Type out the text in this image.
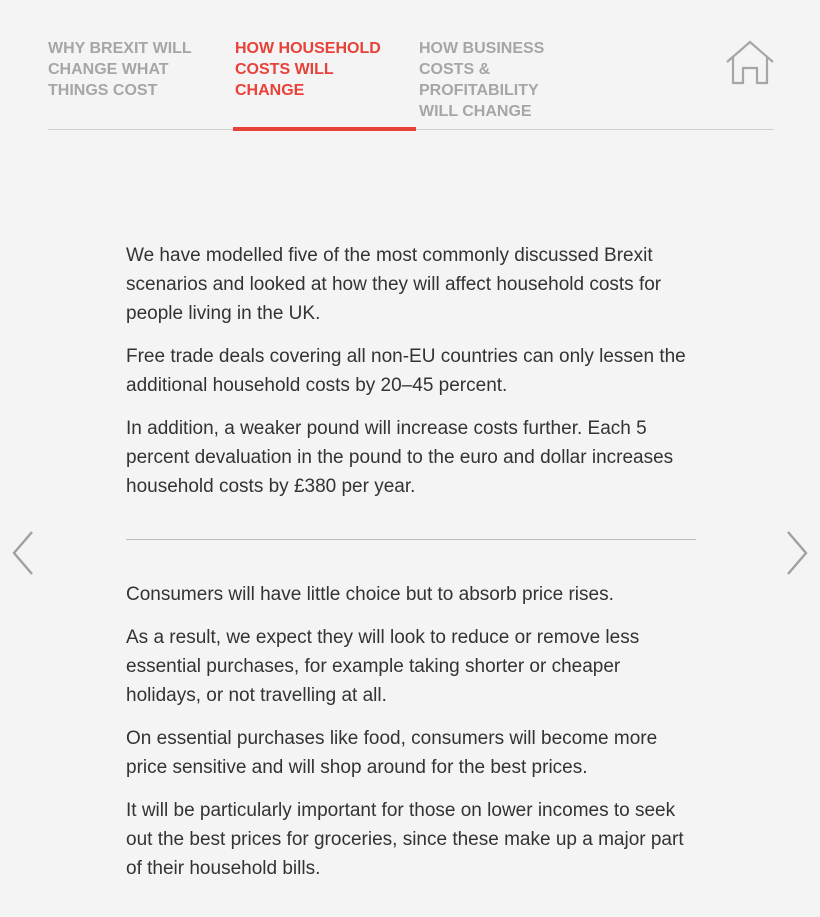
WHY BREXIT WILL
CHANGE WHAT
THINGS COST
HOW HOUSEHOLD
COSTS WILL
CHANGE
HOW BUSINESS
COSTS &
PROFITABILITY
WILL CHANGE

We have modelled five of the most commonly discussed Brexit scenarios and looked at how they will affect household costs for people living in the UK.

Free trade deals covering all non-EU countries can only lessen the additional household costs by 20–45 percent.

In addition, a weaker pound will increase costs further. Each 5 percent devaluation in the pound to the euro and dollar increases household costs by £380 per year.

Consumers will have little choice but to absorb price rises.

As a result, we expect they will look to reduce or remove less essential purchases, for example taking shorter or cheaper holidays, or not travelling at all.

On essential purchases like food, consumers will become more price sensitive and will shop around for the best prices.

It will be particularly important for those on lower incomes to seek out the best prices for groceries, since these make up a major part of their household bills.
